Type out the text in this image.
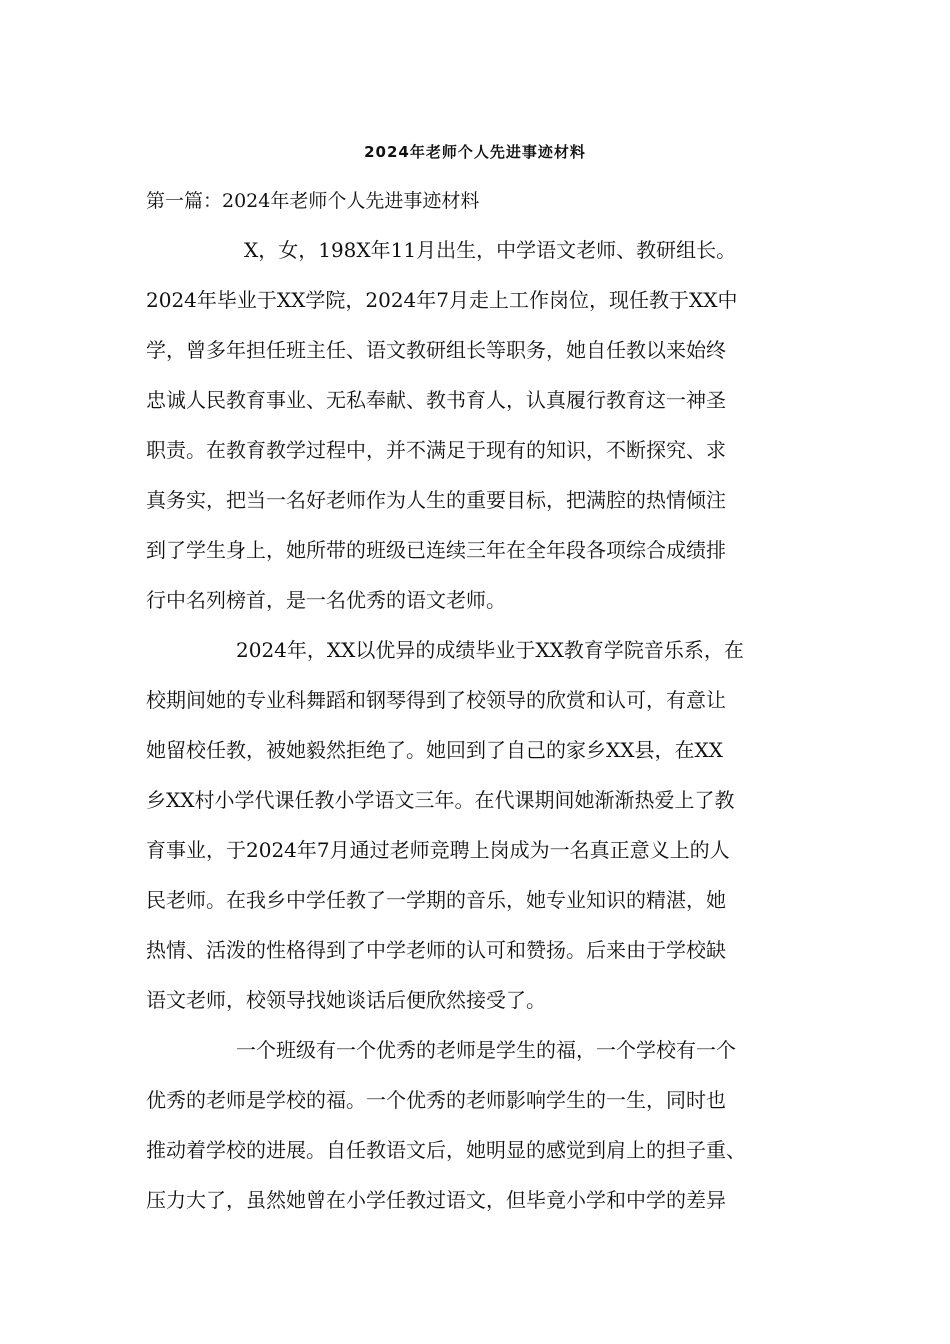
2024年老师个人先进事迹材料
第一篇：2024年老师个人先进事迹材料
X，女，198X年11月出生，中学语文老师、教研组长。
2024年毕业于XX学院，2024年7月走上工作岗位，现任教于XX中
学，曾多年担任班主任、语文教研组长等职务，她自任教以来始终
忠诚人民教育事业、无私奉献、教书育人，认真履行教育这一神圣
职责。在教育教学过程中，并不满足于现有的知识，不断探究、求
真务实，把当一名好老师作为人生的重要目标，把满腔的热情倾注
到了学生身上，她所带的班级已连续三年在全年段各项综合成绩排
行中名列榜首，是一名优秀的语文老师。
2024年，XX以优异的成绩毕业于XX教育学院音乐系，在
校期间她的专业科舞蹈和钢琴得到了校领导的欣赏和认可，有意让
她留校任教，被她毅然拒绝了。她回到了自己的家乡XX县，在XX
乡XX村小学代课任教小学语文三年。在代课期间她渐渐热爱上了教
育事业，于2024年7月通过老师竞聘上岗成为一名真正意义上的人
民老师。在我乡中学任教了一学期的音乐，她专业知识的精湛，她
热情、活泼的性格得到了中学老师的认可和赞扬。后来由于学校缺
语文老师，校领导找她谈话后便欣然接受了。
一个班级有一个优秀的老师是学生的福，一个学校有一个
优秀的老师是学校的福。一个优秀的老师影响学生的一生，同时也
推动着学校的进展。自任教语文后，她明显的感觉到肩上的担子重、
压力大了，虽然她曾在小学任教过语文，但毕竟小学和中学的差异
